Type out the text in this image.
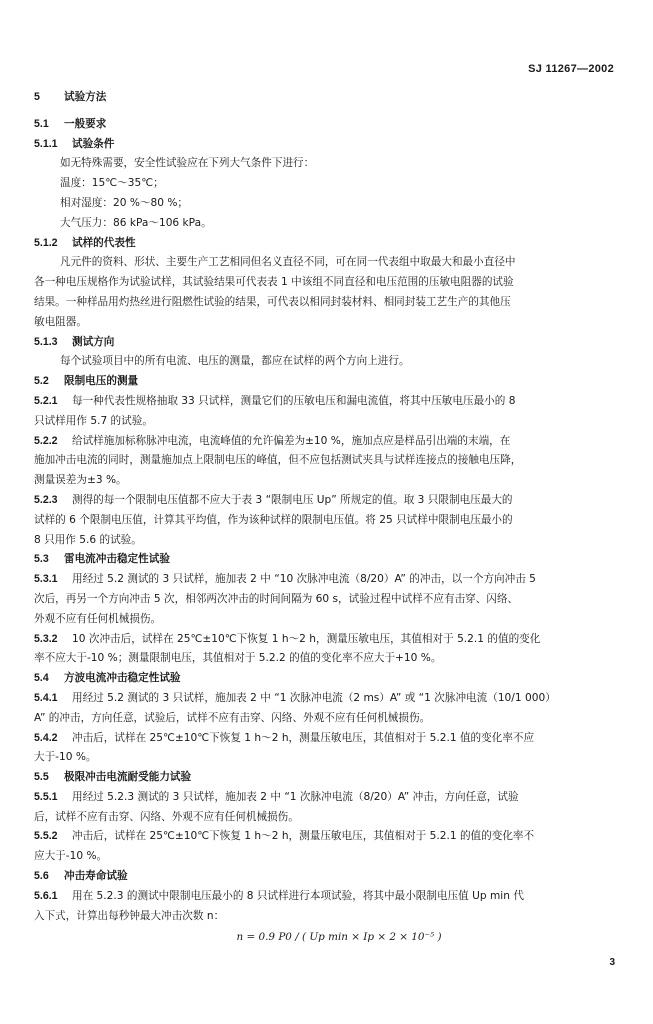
SJ 11267—2002
5 试验方法
5.1 一般要求
5.1.1 试验条件
如无特殊需要，安全性试验应在下列大气条件下进行：
温度：15℃～35℃；
相对湿度：20 %～80 %；
大气压力：86 kPa～106 kPa。
5.1.2 试样的代表性
凡元件的资料、形状、主要生产工艺相同但名义直径不同，可在同一代表组中取最大和最小直径中
各一种电压规格作为试验试样，其试验结果可代表表 1 中该组不同直径和电压范围的压敏电阻器的试验
结果。一种样品用灼热丝进行阻燃性试验的结果，可代表以相同封装材料、相同封装工艺生产的其他压
敏电阻器。
5.1.3 测试方向
每个试验项目中的所有电流、电压的测量，都应在试样的两个方向上进行。
5.2 限制电压的测量
5.2.1 每一种代表性规格抽取 33 只试样，测量它们的压敏电压和漏电流值，将其中压敏电压最小的 8
只试样用作 5.7 的试验。
5.2.2 给试样施加标称脉冲电流，电流峰值的允许偏差为±10 %，施加点应是样品引出端的末端，在
施加冲击电流的同时，测量施加点上限制电压的峰值，但不应包括测试夹具与试样连接点的接触电压降，
测量误差为±3 %。
5.2.3 测得的每一个限制电压值都不应大于表 3 “限制电压 Up” 所规定的值。取 3 只限制电压最大的
试样的 6 个限制电压值，计算其平均值，作为该种试样的限制电压值。将 25 只试样中限制电压最小的
8 只用作 5.6 的试验。
5.3 雷电流冲击稳定性试验
5.3.1 用经过 5.2 测试的 3 只试样，施加表 2 中 “10 次脉冲电流（8/20）A” 的冲击，以一个方向冲击 5
次后，再另一个方向冲击 5 次，相邻两次冲击的时间间隔为 60 s，试验过程中试样不应有击穿、闪络、
外观不应有任何机械损伤。
5.3.2 10 次冲击后，试样在 25℃±10℃下恢复 1 h～2 h，测量压敏电压，其值相对于 5.2.1 的值的变化
率不应大于-10 %；测量限制电压，其值相对于 5.2.2 的值的变化率不应大于+10 %。
5.4 方波电流冲击稳定性试验
5.4.1 用经过 5.2 测试的 3 只试样，施加表 2 中 “1 次脉冲电流（2 ms）A” 或 “1 次脉冲电流（10/1 000）
A” 的冲击，方向任意，试验后，试样不应有击穿、闪络、外观不应有任何机械损伤。
5.4.2 冲击后，试样在 25℃±10℃下恢复 1 h～2 h，测量压敏电压，其值相对于 5.2.1 值的变化率不应
大于-10 %。
5.5 极限冲击电流耐受能力试验
5.5.1 用经过 5.2.3 测试的 3 只试样，施加表 2 中 “1 次脉冲电流（8/20）A” 冲击，方向任意，试验
后，试样不应有击穿、闪络、外观不应有任何机械损伤。
5.5.2 冲击后，试样在 25℃±10℃下恢复 1 h～2 h，测量压敏电压，其值相对于 5.2.1 的值的变化率不
应大于-10 %。
5.6 冲击寿命试验
5.6.1 用在 5.2.3 的测试中限制电压最小的 8 只试样进行本项试验，将其中最小限制电压值 Up min 代
入下式，计算出每秒钟最大冲击次数 n：
n = 0.9 P0 / ( Up min × Ip × 2 × 10⁻⁵ )
3
